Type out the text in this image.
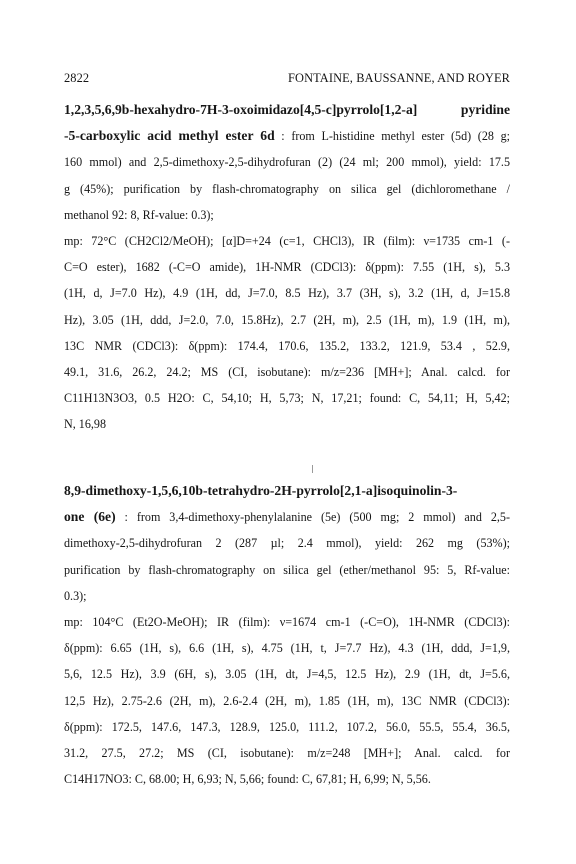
2822	FONTAINE, BAUSSANNE, AND ROYER
1,2,3,5,6,9b-hexahydro-7H-3-oxoimidazo[4,5-c]pyrrolo[1,2-a] pyridine
-5-carboxylic acid methyl ester 6d : from L-histidine methyl ester (5d) (28 g;
160 mmol) and 2,5-dimethoxy-2,5-dihydrofuran (2) (24 ml; 200 mmol), yield: 17.5
g (45%); purification by flash-chromatography on silica gel (dichloromethane /
methanol 92: 8, Rf-value: 0.3);
mp: 72°C (CH2Cl2/MeOH); [α]D=+24 (c=1, CHCl3), IR (film): ν=1735 cm-1 (-
C=O ester), 1682 (-C=O amide), 1H-NMR (CDCl3): δ(ppm): 7.55 (1H, s), 5.3
(1H, d, J=7.0 Hz), 4.9 (1H, dd, J=7.0, 8.5 Hz), 3.7 (3H, s), 3.2 (1H, d, J=15.8
Hz), 3.05 (1H, ddd, J=2.0, 7.0, 15.8Hz), 2.7 (2H, m), 2.5 (1H, m), 1.9 (1H, m),
13C NMR (CDCl3): δ(ppm): 174.4, 170.6, 135.2, 133.2, 121.9, 53.4 , 52.9,
49.1, 31.6, 26.2, 24.2; MS (CI, isobutane): m/z=236 [MH+]; Anal. calcd. for
C11H13N3O3, 0.5 H2O: C, 54,10; H, 5,73; N, 17,21; found: C, 54,11; H, 5,42;
N, 16,98
8,9-dimethoxy-1,5,6,10b-tetrahydro-2H-pyrrolo[2,1-a]isoquinolin-3-
one (6e) : from 3,4-dimethoxy-phenylalanine (5e) (500 mg; 2 mmol) and 2,5-
dimethoxy-2,5-dihydrofuran 2 (287 µl; 2.4 mmol), yield: 262 mg (53%);
purification by flash-chromatography on silica gel (ether/methanol 95: 5, Rf-value:
0.3);
mp: 104°C (Et2O-MeOH); IR (film): ν=1674 cm-1 (-C=O), 1H-NMR (CDCl3):
δ(ppm): 6.65 (1H, s), 6.6 (1H, s), 4.75 (1H, t, J=7.7 Hz), 4.3 (1H, ddd, J=1,9,
5,6, 12.5 Hz), 3.9 (6H, s), 3.05 (1H, dt, J=4,5, 12.5 Hz), 2.9 (1H, dt, J=5.6,
12,5 Hz), 2.75-2.6 (2H, m), 2.6-2.4 (2H, m), 1.85 (1H, m), 13C NMR (CDCl3):
δ(ppm): 172.5, 147.6, 147.3, 128.9, 125.0, 111.2, 107.2, 56.0, 55.5, 55.4, 36.5,
31.2, 27.5, 27.2; MS (CI, isobutane): m/z=248 [MH+]; Anal. calcd. for
C14H17NO3: C, 68.00; H, 6,93; N, 5,66; found: C, 67,81; H, 6,99; N, 5,56.
